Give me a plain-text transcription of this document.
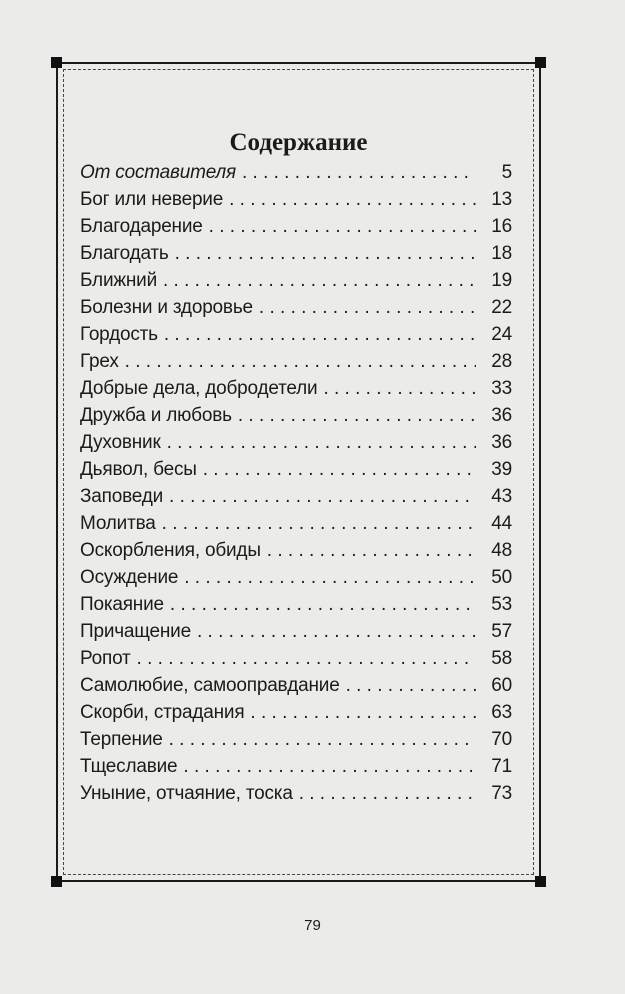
Содержание
От составителя . . .	5
Бог или неверие . . .	13
Благодарение . . .	16
Благодать . . .	18
Ближний . . .	19
Болезни и здоровье . . .	22
Гордость . . .	24
Грех . . .	28
Добрые дела, добродетели . . .	33
Дружба и любовь . . .	36
Духовник . . .	36
Дьявол, бесы . . .	39
Заповеди . . .	43
Молитва . . .	44
Оскорбления, обиды . . .	48
Осуждение . . .	50
Покаяние . . .	53
Причащение . . .	57
Ропот . . .	58
Самолюбие, самооправдание . . .	60
Скорби, страдания . . .	63
Терпение . . .	70
Тщеславие . . .	71
Уныние, отчаяние, тоска . . .	73
79
